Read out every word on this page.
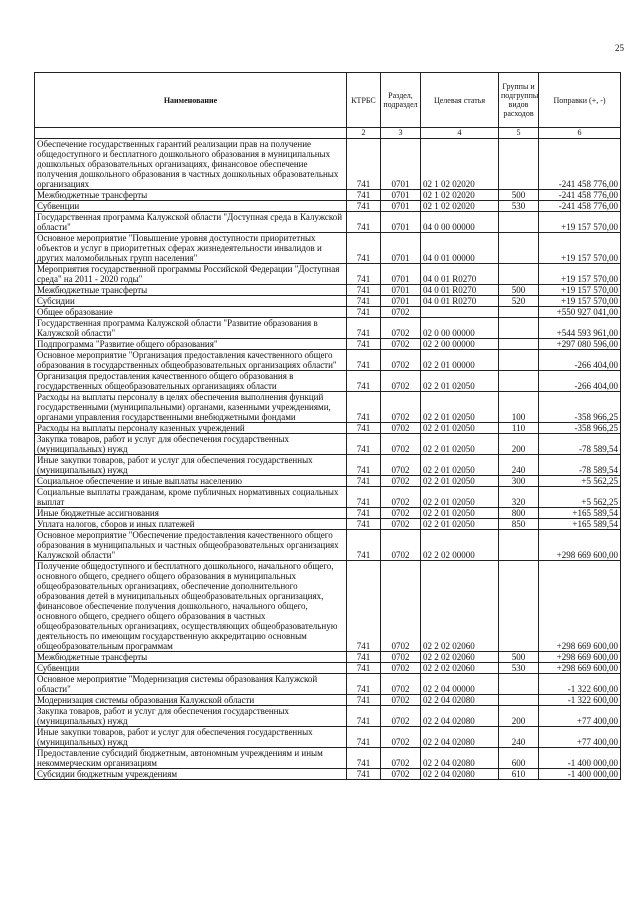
25
Наименование	КТРБС	Раздел, подраздел	Целевая статья	Группы и подгруппы видов расходов	Поправки (+, -)
	2	3	4	5	6
Обеспечение государственных гарантий реализации прав на получение общедоступного и бесплатного дошкольного образования в муниципальных дошкольных образовательных организациях, финансовое обеспечение получения дошкольного образования в частных дошкольных образовательных организациях	741	0701	02 1 02 02020		-241 458 776,00
Межбюджетные трансферты	741	0701	02 1 02 02020	500	-241 458 776,00
Субвенции	741	0701	02 1 02 02020	530	-241 458 776,00
Государственная программа Калужской области "Доступная среда в Калужской области"	741	0701	04 0 00 00000		+19 157 570,00
Основное мероприятие "Повышение уровня доступности приоритетных объектов и услуг в приоритетных сферах жизнедеятельности инвалидов и других маломобильных групп населения"	741	0701	04 0 01 00000		+19 157 570,00
Мероприятия государственной программы Российской Федерации "Доступная среда" на 2011 - 2020 годы"	741	0701	04 0 01 R0270		+19 157 570,00
Межбюджетные трансферты	741	0701	04 0 01 R0270	500	+19 157 570,00
Субсидии	741	0701	04 0 01 R0270	520	+19 157 570,00
Общее образование	741	0702			+550 927 041,00
Государственная программа Калужской области "Развитие образования в Калужской области"	741	0702	02 0 00 00000		+544 593 961,00
Подпрограмма "Развитие общего образования"	741	0702	02 2 00 00000		+297 080 596,00
Основное мероприятие "Организация предоставления качественного общего образования в государственных общеобразовательных организациях области"	741	0702	02 2 01 00000		-266 404,00
Организация предоставления качественного общего образования в государственных общеобразовательных организациях области	741	0702	02 2 01 02050		-266 404,00
Расходы на выплаты персоналу в целях обеспечения выполнения функций государственными (муниципальными) органами, казенными учреждениями, органами управления государственными внебюджетными фондами	741	0702	02 2 01 02050	100	-358 966,25
Расходы на выплаты персоналу казенных учреждений	741	0702	02 2 01 02050	110	-358 966,25
Закупка товаров, работ и услуг для обеспечения государственных (муниципальных) нужд	741	0702	02 2 01 02050	200	-78 589,54
Иные закупки товаров, работ и услуг для обеспечения государственных (муниципальных) нужд	741	0702	02 2 01 02050	240	-78 589,54
Социальное обеспечение и иные выплаты населению	741	0702	02 2 01 02050	300	+5 562,25
Социальные выплаты гражданам, кроме публичных нормативных социальных выплат	741	0702	02 2 01 02050	320	+5 562,25
Иные бюджетные ассигнования	741	0702	02 2 01 02050	800	+165 589,54
Уплата налогов, сборов и иных платежей	741	0702	02 2 01 02050	850	+165 589,54
Основное мероприятие "Обеспечение предоставления качественного общего образования в муниципальных и частных общеобразовательных организациях Калужской области"	741	0702	02 2 02 00000		+298 669 600,00
Получение общедоступного и бесплатного дошкольного, начального общего, основного общего, среднего общего образования в муниципальных общеобразовательных организациях, обеспечение дополнительного образования детей в муниципальных общеобразовательных организациях, финансовое обеспечение получения дошкольного, начального общего, основного общего, среднего общего образования в частных общеобразовательных организациях, осуществляющих общеобразовательную деятельность по имеющим государственную аккредитацию основным общеобразовательным программам	741	0702	02 2 02 02060		+298 669 600,00
Межбюджетные трансферты	741	0702	02 2 02 02060	500	+298 669 600,00
Субвенции	741	0702	02 2 02 02060	530	+298 669 600,00
Основное мероприятие "Модернизация системы образования Калужской области"	741	0702	02 2 04 00000		-1 322 600,00
Модернизация системы образования Калужской области	741	0702	02 2 04 02080		-1 322 600,00
Закупка товаров, работ и услуг для обеспечения государственных (муниципальных) нужд	741	0702	02 2 04 02080	200	+77 400,00
Иные закупки товаров, работ и услуг для обеспечения государственных (муниципальных) нужд	741	0702	02 2 04 02080	240	+77 400,00
Предоставление субсидий бюджетным, автономным учреждениям и иным некоммерческим организациям	741	0702	02 2 04 02080	600	-1 400 000,00
Субсидии бюджетным учреждениям	741	0702	02 2 04 02080	610	-1 400 000,00
